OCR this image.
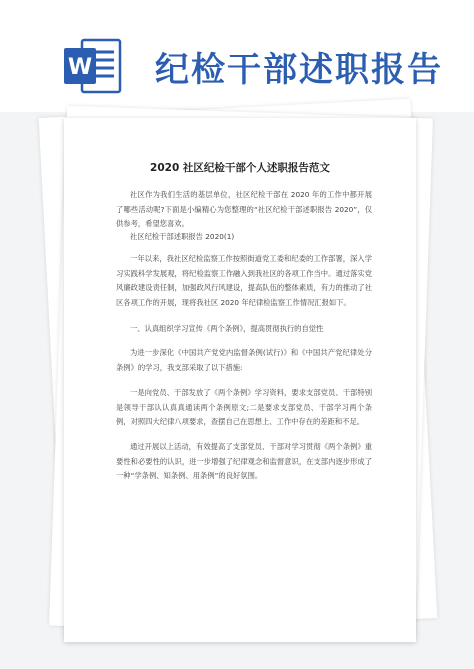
W 纪检干部述职报告
2020 社区纪检干部个人述职报告范文
社区作为我们生活的基层单位，社区纪检干部在 2020 年的工作中都开展了哪些活动呢?下面是小编精心为您整理的“社区纪检干部述职报告 2020”，仅供参考，希望您喜欢。
社区纪检干部述职报告 2020(1)
一年以来，我社区纪检监察工作按照街道党工委和纪委的工作部署，深入学习实践科学发展观，将纪检监察工作融入到我社区的各项工作当中。通过落实党风廉政建设责任制，加强政风行风建设，提高队伍的整体素质，有力的推动了社区各项工作的开展，现将我社区 2020 年纪律检监察工作情况汇报如下。
一、认真组织学习宣传《两个条例》，提高贯彻执行的自觉性
为进一步深化《中国共产党党内监督条例(试行)》和《中国共产党纪律处分条例》的学习，我支部采取了以下措施:
一是向党员、干部发放了《两个条例》学习资料，要求支部党员、干部特别是领导干部认认真真通读两个条例原文;二是要求支部党员、干部学习两个条例，对照四大纪律八项要求，查摆自己在思想上、工作中存在的差距和不足。
通过开展以上活动，有效提高了支部党员、干部对学习贯彻《两个条例》重要性和必要性的认识，进一步增强了纪律观念和监督意识，在支部内逐步形成了一种“学条例、知条例、用条例”的良好氛围。
